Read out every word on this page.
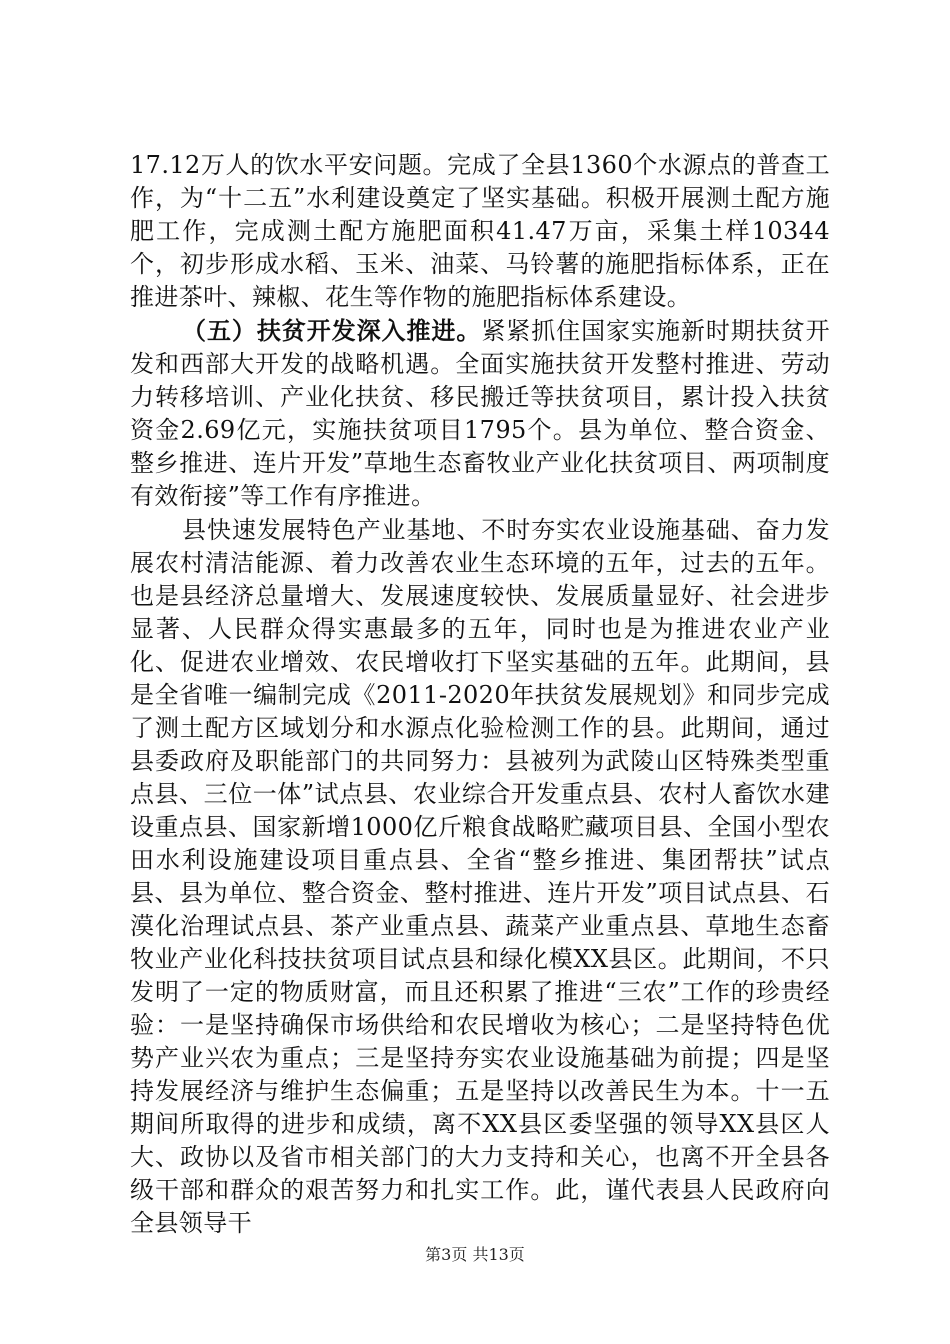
17.12万人的饮水平安问题。完成了全县1360个水源点的普查工作，为“十二五”水利建设奠定了坚实基础。积极开展测土配方施肥工作，完成测土配方施肥面积41.47万亩，采集土样10344个，初步形成水稻、玉米、油菜、马铃薯的施肥指标体系，正在推进茶叶、辣椒、花生等作物的施肥指标体系建设。

（五）扶贫开发深入推进。紧紧抓住国家实施新时期扶贫开发和西部大开发的战略机遇。全面实施扶贫开发整村推进、劳动力转移培训、产业化扶贫、移民搬迁等扶贫项目，累计投入扶贫资金2.69亿元，实施扶贫项目1795个。县为单位、整合资金、整乡推进、连片开发”草地生态畜牧业产业化扶贫项目、两项制度有效衔接”等工作有序推进。

县快速发展特色产业基地、不时夯实农业设施基础、奋力发展农村清洁能源、着力改善农业生态环境的五年，过去的五年。也是县经济总量增大、发展速度较快、发展质量显好、社会进步显著、人民群众得实惠最多的五年，同时也是为推进农业产业化、促进农业增效、农民增收打下坚实基础的五年。此期间，县是全省唯一编制完成《2011-2020年扶贫发展规划》和同步完成了测土配方区域划分和水源点化验检测工作的县。此期间，通过县委政府及职能部门的共同努力：县被列为武陵山区特殊类型重点县、三位一体”试点县、农业综合开发重点县、农村人畜饮水建设重点县、国家新增1000亿斤粮食战略贮藏项目县、全国小型农田水利设施建设项目重点县、全省“整乡推进、集团帮扶”试点县、县为单位、整合资金、整村推进、连片开发”项目试点县、石漠化治理试点县、茶产业重点县、蔬菜产业重点县、草地生态畜牧业产业化科技扶贫项目试点县和绿化模XX县区。此期间，不只发明了一定的物质财富，而且还积累了推进“三农”工作的珍贵经验：一是坚持确保市场供给和农民增收为核心；二是坚持特色优势产业兴农为重点；三是坚持夯实农业设施基础为前提；四是坚持发展经济与维护生态偏重；五是坚持以改善民生为本。十一五期间所取得的进步和成绩，离不XX县区委坚强的领导XX县区人大、政协以及省市相关部门的大力支持和关心，也离不开全县各级干部和群众的艰苦努力和扎实工作。此，谨代表县人民政府向全县领导干

第3页 共13页
